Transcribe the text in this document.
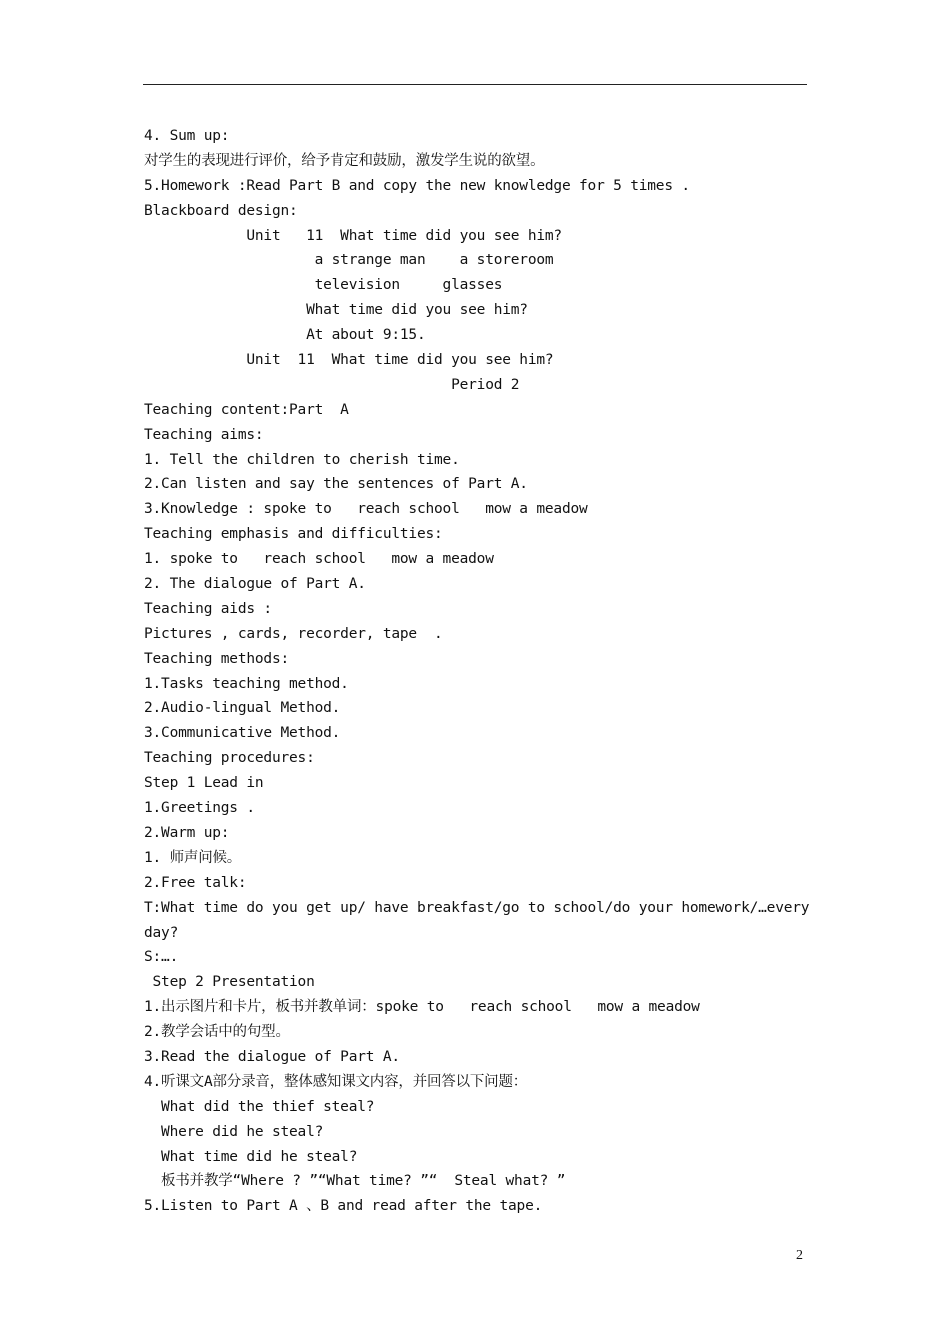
4. Sum up:
对学生的表现进行评价，给予肯定和鼓励，激发学生说的欲望。
5.Homework :Read Part B and copy the new knowledge for 5 times .
Blackboard design:
Unit   11  What time did you see him?
a strange man    a storeroom
television     glasses
What time did you see him?
At about 9:15.
Unit  11  What time did you see him?
Period 2
Teaching content:Part  A
Teaching aims:
1. Tell the children to cherish time.
2.Can listen and say the sentences of Part A.
3.Knowledge : spoke to   reach school   mow a meadow
Teaching emphasis and difficulties:
1. spoke to   reach school   mow a meadow
2. The dialogue of Part A.
Teaching aids :
Pictures , cards, recorder, tape  .
Teaching methods:
1.Tasks teaching method.
2.Audio-lingual Method.
3.Communicative Method.
Teaching procedures:
Step 1 Lead in
1.Greetings .
2.Warm up:
1. 师声问候。
2.Free talk:
T:What time do you get up/ have breakfast/go to school/do your homework/…every
day?
S:….
Step 2 Presentation
1.出示图片和卡片，板书并教单词：spoke to   reach school   mow a meadow
2.教学会话中的句型。
3.Read the dialogue of Part A.
4.听课文A部分录音，整体感知课文内容，并回答以下问题：
What did the thief steal?
Where did he steal?
What time did he steal?
板书并教学“Where ? ”“What time? ”“  Steal what? ”
5.Listen to Part A 、B and read after the tape.
2
